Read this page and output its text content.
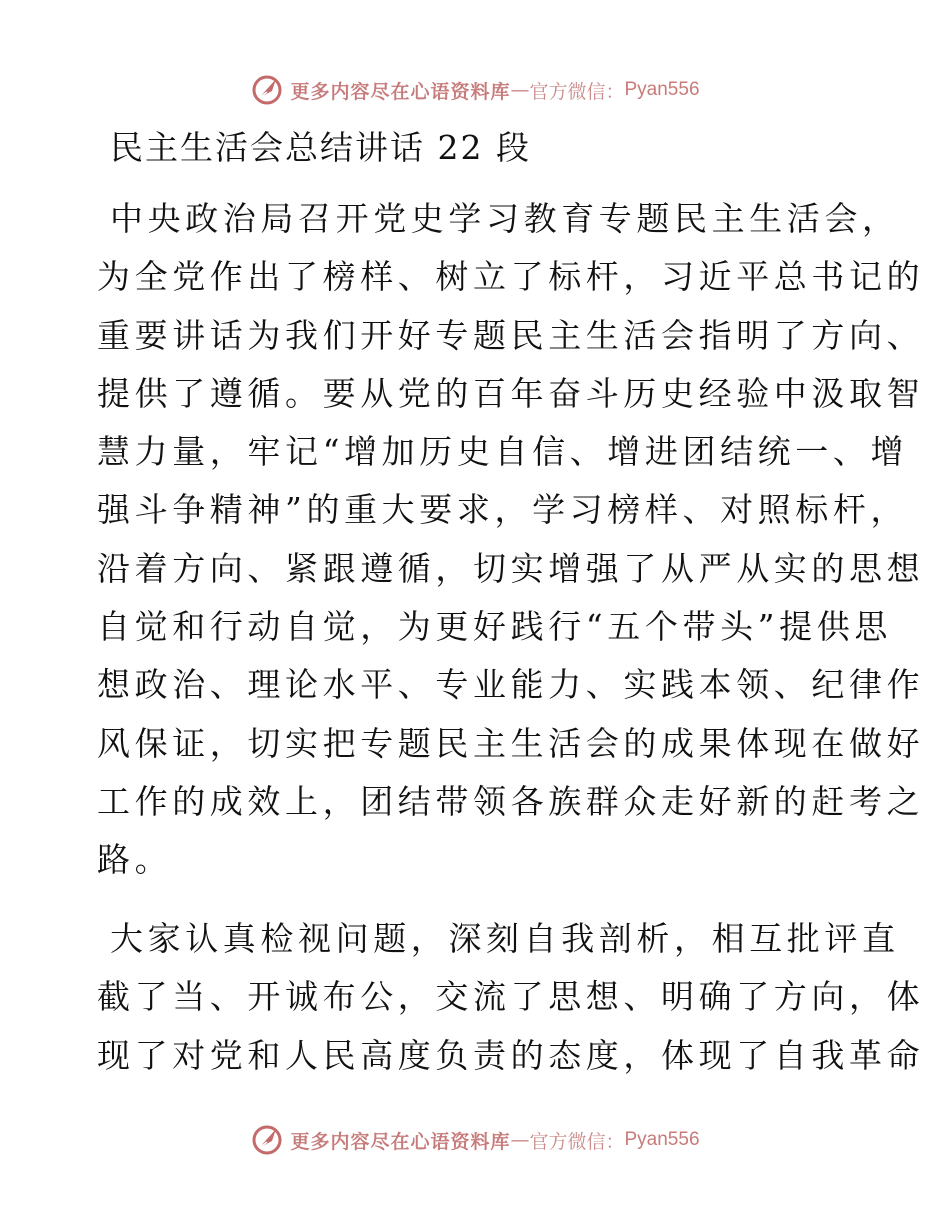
更多内容尽在心语资料库 — 官方微信： Pyan556
民主生活会总结讲话 22 段
中央政治局召开党史学习教育专题民主生活会，
为全党作出了榜样、树立了标杆，习近平总书记的
重要讲话为我们开好专题民主生活会指明了方向、
提供了遵循。要从党的百年奋斗历史经验中汲取智
慧力量，牢记“增加历史自信、增进团结统一、增
强斗争精神”的重大要求，学习榜样、对照标杆，
沿着方向、紧跟遵循，切实增强了从严从实的思想
自觉和行动自觉，为更好践行“五个带头”提供思
想政治、理论水平、专业能力、实践本领、纪律作
风保证，切实把专题民主生活会的成果体现在做好
工作的成效上，团结带领各族群众走好新的赶考之
路。
大家认真检视问题，深刻自我剖析，相互批评直
截了当、开诚布公，交流了思想、明确了方向，体
现了对党和人民高度负责的态度，体现了自我革命
更多内容尽在心语资料库 — 官方微信： Pyan556
